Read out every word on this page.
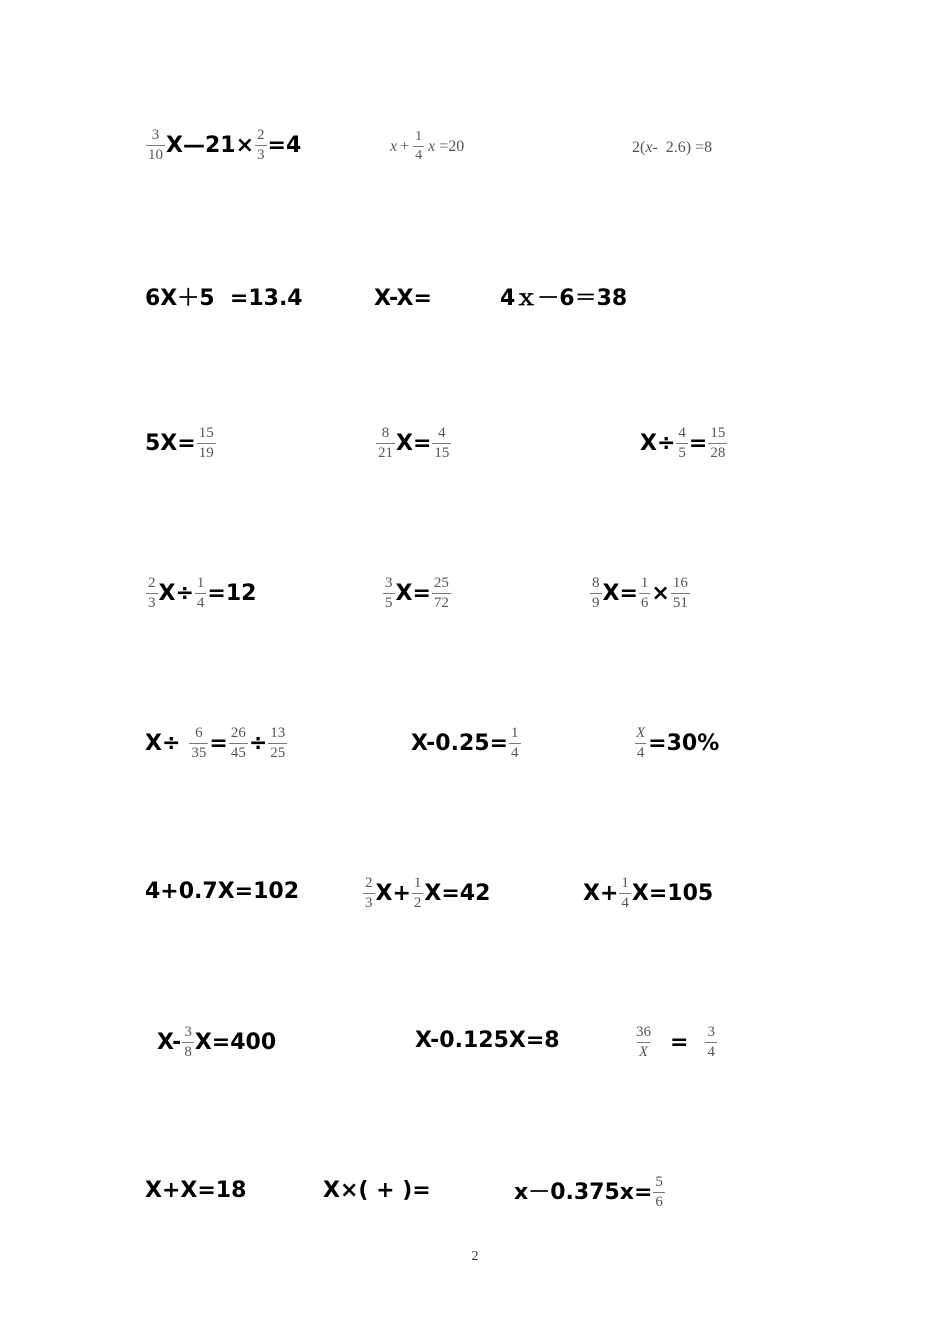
$\frac{3}{10}$ X—21× $\frac{2}{3} =4$	$x + \frac{1}{4}$ x =20	2( x -  2.6) =8
6X＋5  =13.4	X-X=	4ｘ－6＝38
$5X= \frac{15}{19}$	$\frac{8}{21} X= \frac{4}{15}$	$X\div \frac{4}{5} = \frac{15}{28}$
$\frac{2}{3} X\div \frac{1}{4} =12$	$\frac{3}{5} X= \frac{25}{72}$	$\frac{8}{9} X= \frac{1}{6} \times \frac{16}{51}$
$X\div \frac{6}{35} = \frac{26}{45} \div \frac{13}{25}$	$X-0.25= \frac{1}{4}$	$\frac{X}{4} =30\%$
4+0.7X=102	$\frac{2}{3} X+ \frac{1}{2} X=42$	$X+ \frac{1}{4} X=105$
$X- \frac{3}{8} X=400$	X-0.125X=8	$\frac{36}{X} = \frac{3}{4}$
X+X=18	X×( + )=	$x-0.375x= \frac{5}{6}$
2
